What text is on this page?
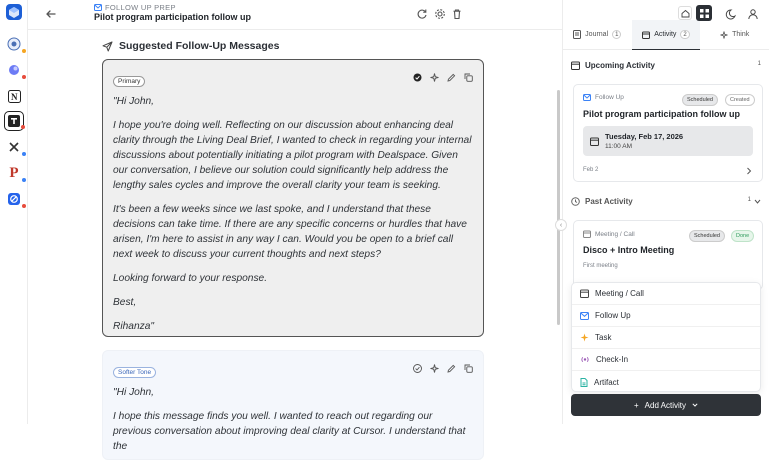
N
P
FOLLOW UP PREP
Pilot program participation follow up
Suggested Follow-Up Messages
Primary

"Hi John,

I hope you're doing well. Reflecting on our discussion about enhancing deal clarity through the Living Deal Brief, I wanted to check in regarding your internal discussions about potentially initiating a pilot program with Dealspace. Given our conversation, I believe our solution could significantly help address the lengthy sales cycles and improve the overall clarity your team is seeking.

It's been a few weeks since we last spoke, and I understand that these decisions can take time. If there are any specific concerns or hurdles that have arisen, I'm here to assist in any way I can. Would you be open to a brief call next week to discuss your current thoughts and next steps?

Looking forward to your response.

Best,

Rihanza"

Softer Tone

"Hi John,

I hope this message finds you well. I wanted to reach out regarding our previous conversation about improving deal clarity at Cursor. I understand that the

Journal	1	Activity	2	Think
Upcoming Activity	1
Follow Up	Scheduled	Created
Pilot program participation follow up
Tuesday, Feb 17, 2026
11:00 AM
Feb 2
‹
Past Activity	1
Meeting / Call	Scheduled	Done
Disco + Intro Meeting
First meeting
Meeting / Call
Follow Up
Task
Check-In
Artifact
+ Add Activity
